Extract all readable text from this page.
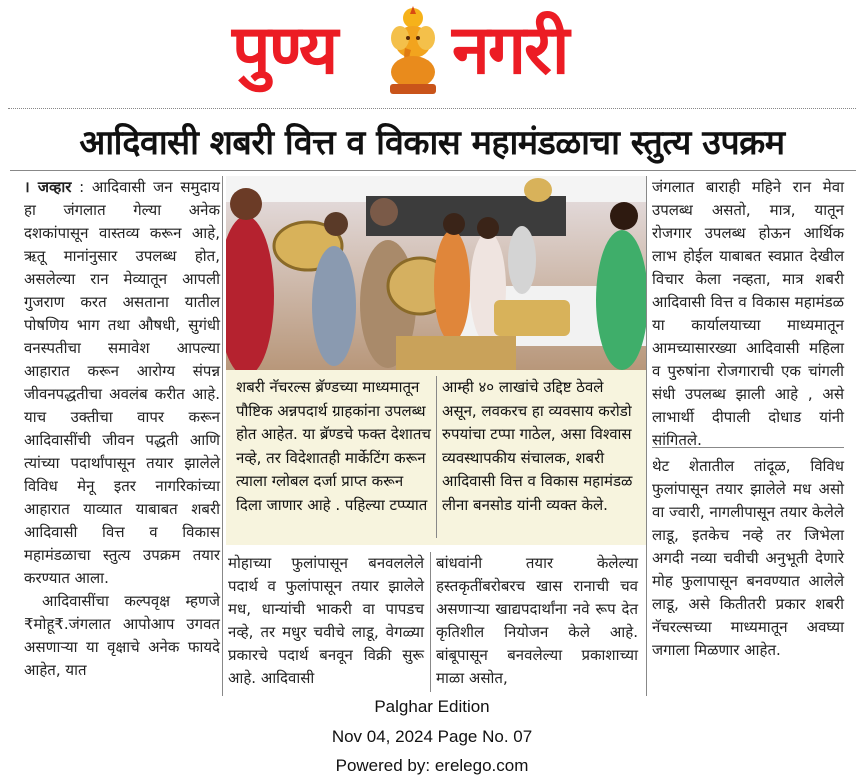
पुण्य नगरी
आदिवासी शबरी वित्त व विकास महामंडळाचा स्तुत्य उपक्रम

। जव्हार : आदिवासी जन समुदाय हा जंगलात गेल्या अनेक दशकांपासून वास्तव्य करून आहे, ऋतू मानांनुसार उपलब्ध होत, असलेल्या रान मेव्यातून आपली गुजराण करत असताना यातील पोषणिय भाग तथा औषधी, सुगंधी वनस्पतीचा समावेश आपल्या आहारात करून आरोग्य संपन्न जीवनपद्धतीचा अवलंब करीत आहे. याच उक्तीचा वापर करून आदिवासींची जीवन पद्धती आणि त्यांच्या पदार्थांपासून तयार झालेले विविध मेनू इतर नागरिकांच्या आहारात याव्यात याबाबत शबरी आदिवासी वित्त व विकास महामंडळाचा स्तुत्य उपक्रम तयार करण्यात आला.

आदिवासींचा कल्पवृक्ष म्हणजे ₹मोहू₹.जंगलात आपोआप उगवत असणाऱ्या या वृक्षाचे अनेक फायदे आहेत, यात

शबरी नॅचरल्स ब्रॅण्डच्या माध्यमातून पौष्टिक अन्नपदार्थ ग्राहकांना उपलब्ध होत आहेत. या ब्रॅण्डचे फक्त देशातच नव्हे, तर विदेशातही मार्केटिंग करून त्याला ग्लोबल दर्जा प्राप्त करून दिला जाणार आहे . पहिल्या टप्प्यात
आम्ही ४० लाखांचे उद्दिष्ट ठेवले असून, लवकरच हा व्यवसाय करोडो रुपयांचा टप्पा गाठेल, असा विश्वास व्यवस्थापकीय संचालक, शबरी आदिवासी वित्त व विकास महामंडळ लीना बनसोड यांनी व्यक्त केले.
मोहाच्या फुलांपासून बनवललेले पदार्थ व फुलांपासून तयार झालेले मध, धान्यांची भाकरी वा पापडच नव्हे, तर मधुर चवीचे लाडू, वेगळ्या प्रकारचे पदार्थ बनवून विक्री सुरू आहे. आदिवासी
बांधवांनी तयार केलेल्या हस्तकृतींबरोबरच खास रानाची चव असणाऱ्या खाद्यपदार्थांना नवे रूप देत कृतिशील नियोजन केले आहे. बांबूपासून बनवलेल्या प्रकाशाच्या माळा असोत,
जंगलात बाराही महिने रान मेवा उपलब्ध असतो, मात्र, यातून रोजगार उपलब्ध होऊन आर्थिक लाभ होईल याबाबत स्वप्नात देखील विचार केला नव्हता, मात्र शबरी आदिवासी वित्त व विकास महामंडळ या कार्यालयाच्या माध्यमातून आमच्यासारख्या आदिवासी महिला व पुरुषांना रोजगाराची एक चांगली संधी उपलब्ध झाली आहे , असे लाभार्थी दीपाली दोधाड यांनी सांगितले.
थेट शेतातील तांदूळ, विविध फुलांपासून तयार झालेले मध असो वा ज्वारी, नागलीपासून तयार केलेले लाडू, इतकेच नव्हे तर जिभेला अगदी नव्या चवीची अनुभूती देणारे मोह फुलापासून बनवण्यात आलेले लाडू, असे कितीतरी प्रकार शबरी नॅचरल्सच्या माध्यमातून अवघ्या जगाला मिळणार आहेत.
Palghar Edition
Nov 04, 2024 Page No. 07
Powered by: erelego.com
